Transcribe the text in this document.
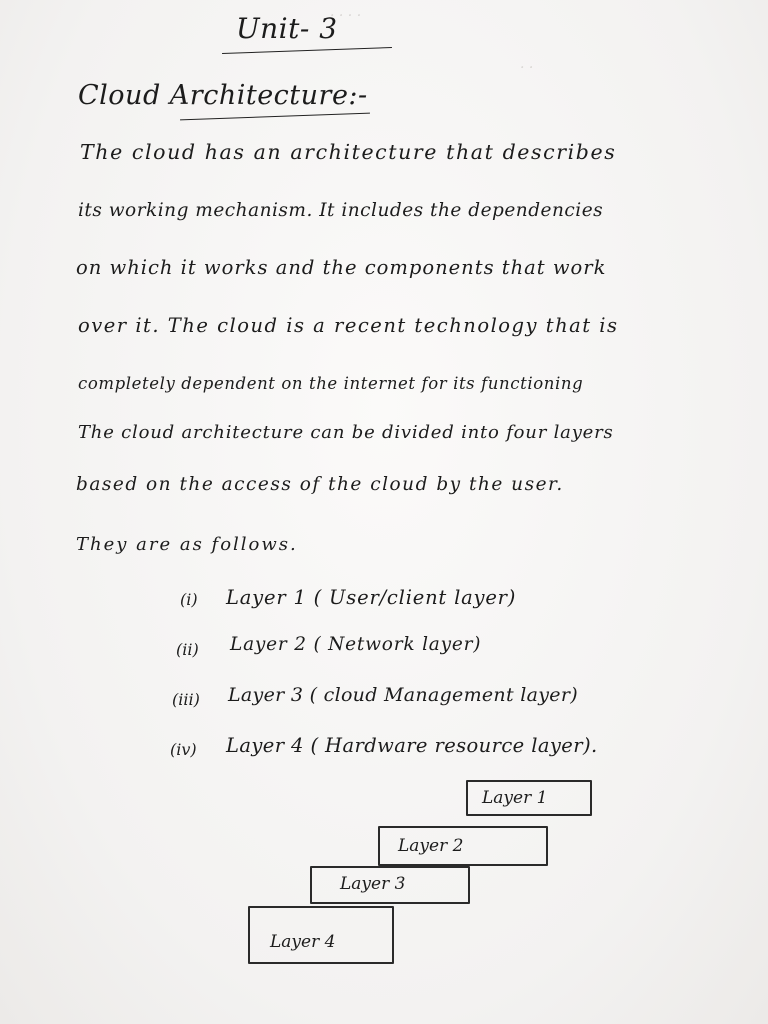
· · · ·
· ·
Unit- 3
Cloud Architecture:-
The cloud has an architecture that describes
its working mechanism. It includes the dependencies
on which it works and the components that work
over it. The cloud is a recent technology that is
completely dependent on the internet for its functioning
The cloud architecture can be divided into four layers
based on the access of the cloud by the user.
They are as follows.
(i) Layer 1 ( User/client layer)
(ii) Layer 2 ( Network layer)
(iii) Layer 3 ( cloud Management layer)
(iv) Layer 4 ( Hardware resource layer).
Layer 1
Layer 2
Layer 3
Layer 4
